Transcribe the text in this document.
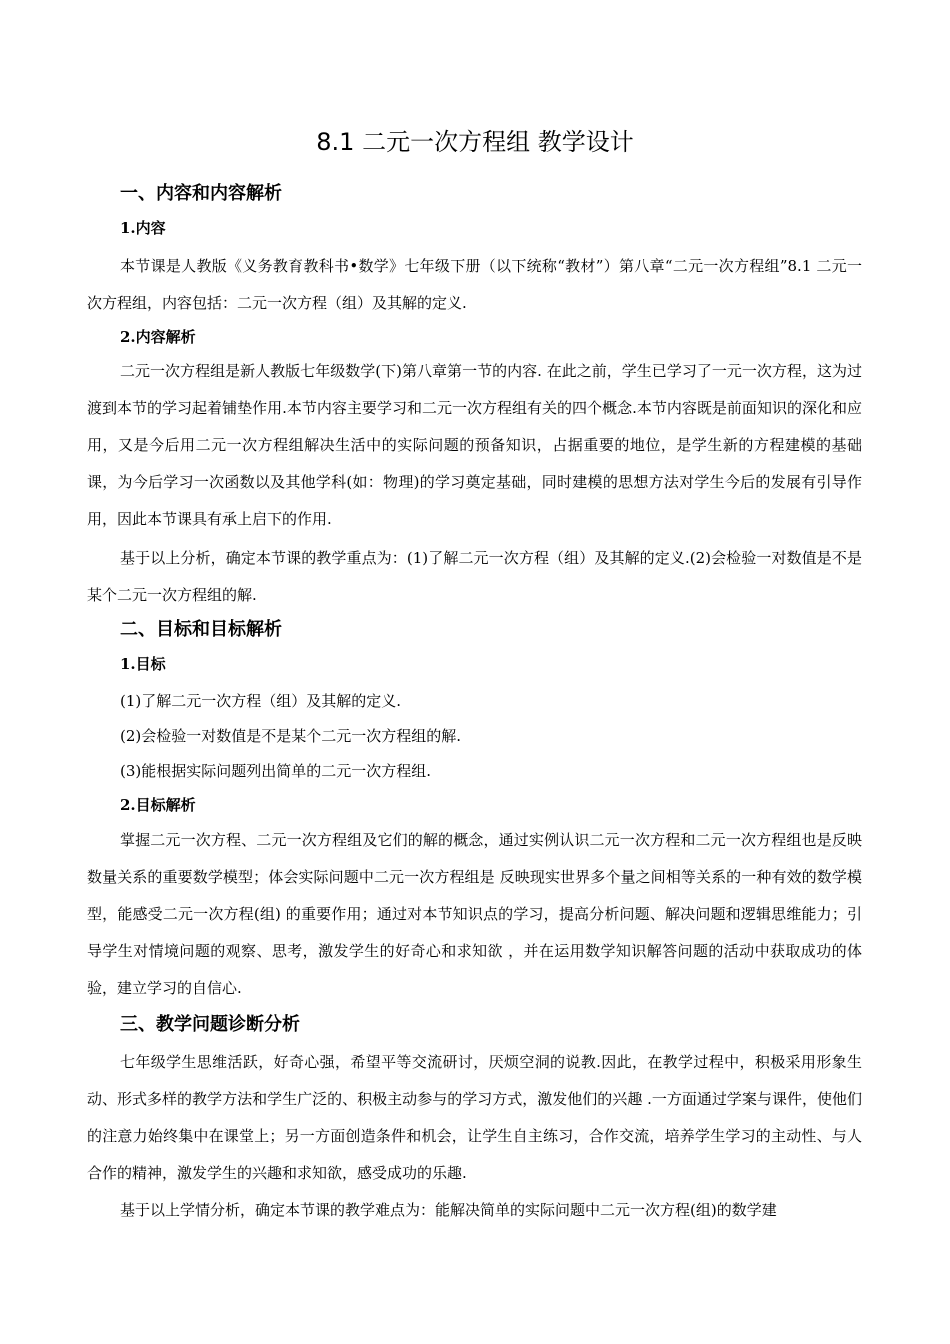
8.1 二元一次方程组 教学设计
一、内容和内容解析
1.内容

本节课是人教版《义务教育教科书•数学》七年级下册（以下统称“教材”）第八章“二元一次方程组”8.1 二元一次方程组，内容包括：二元一次方程（组）及其解的定义.

2.内容解析

二元一次方程组是新人教版七年级数学(下)第八章第一节的内容. 在此之前，学生已学习了一元一次方程，这为过渡到本节的学习起着铺垫作用.本节内容主要学习和二元一次方程组有关的四个概念.本节内容既是前面知识的深化和应用，又是今后用二元一次方程组解决生活中的实际问题的预备知识，占据重要的地位，是学生新的方程建模的基础课，为今后学习一次函数以及其他学科(如：物理)的学习奠定基础，同时建模的思想方法对学生今后的发展有引导作用，因此本节课具有承上启下的作用.

基于以上分析，确定本节课的教学重点为：(1)了解二元一次方程（组）及其解的定义.(2)会检验一对数值是不是某个二元一次方程组的解.

二、目标和目标解析
1.目标
(1)了解二元一次方程（组）及其解的定义.
(2)会检验一对数值是不是某个二元一次方程组的解.
(3)能根据实际问题列出简单的二元一次方程组.
2.目标解析

掌握二元一次方程、二元一次方程组及它们的解的概念，通过实例认识二元一次方程和二元一次方程组也是反映数量关系的重要数学模型；体会实际问题中二元一次方程组是 反映现实世界多个量之间相等关系的一种有效的数学模型，能感受二元一次方程(组) 的重要作用；通过对本节知识点的学习，提高分析问题、解决问题和逻辑思维能力；引导学生对情境问题的观察、思考，激发学生的好奇心和求知欲 ，并在运用数学知识解答问题的活动中获取成功的体验，建立学习的自信心.

三、教学问题诊断分析

七年级学生思维活跃，好奇心强，希望平等交流研讨，厌烦空洞的说教.因此，在教学过程中，积极采用形象生动、形式多样的教学方法和学生广泛的、积极主动参与的学习方式，激发他们的兴趣 .一方面通过学案与课件，使他们的注意力始终集中在课堂上；另一方面创造条件和机会，让学生自主练习，合作交流，培养学生学习的主动性、与人合作的精神，激发学生的兴趣和求知欲，感受成功的乐趣.

基于以上学情分析，确定本节课的教学难点为：能解决简单的实际问题中二元一次方程(组)的数学建
